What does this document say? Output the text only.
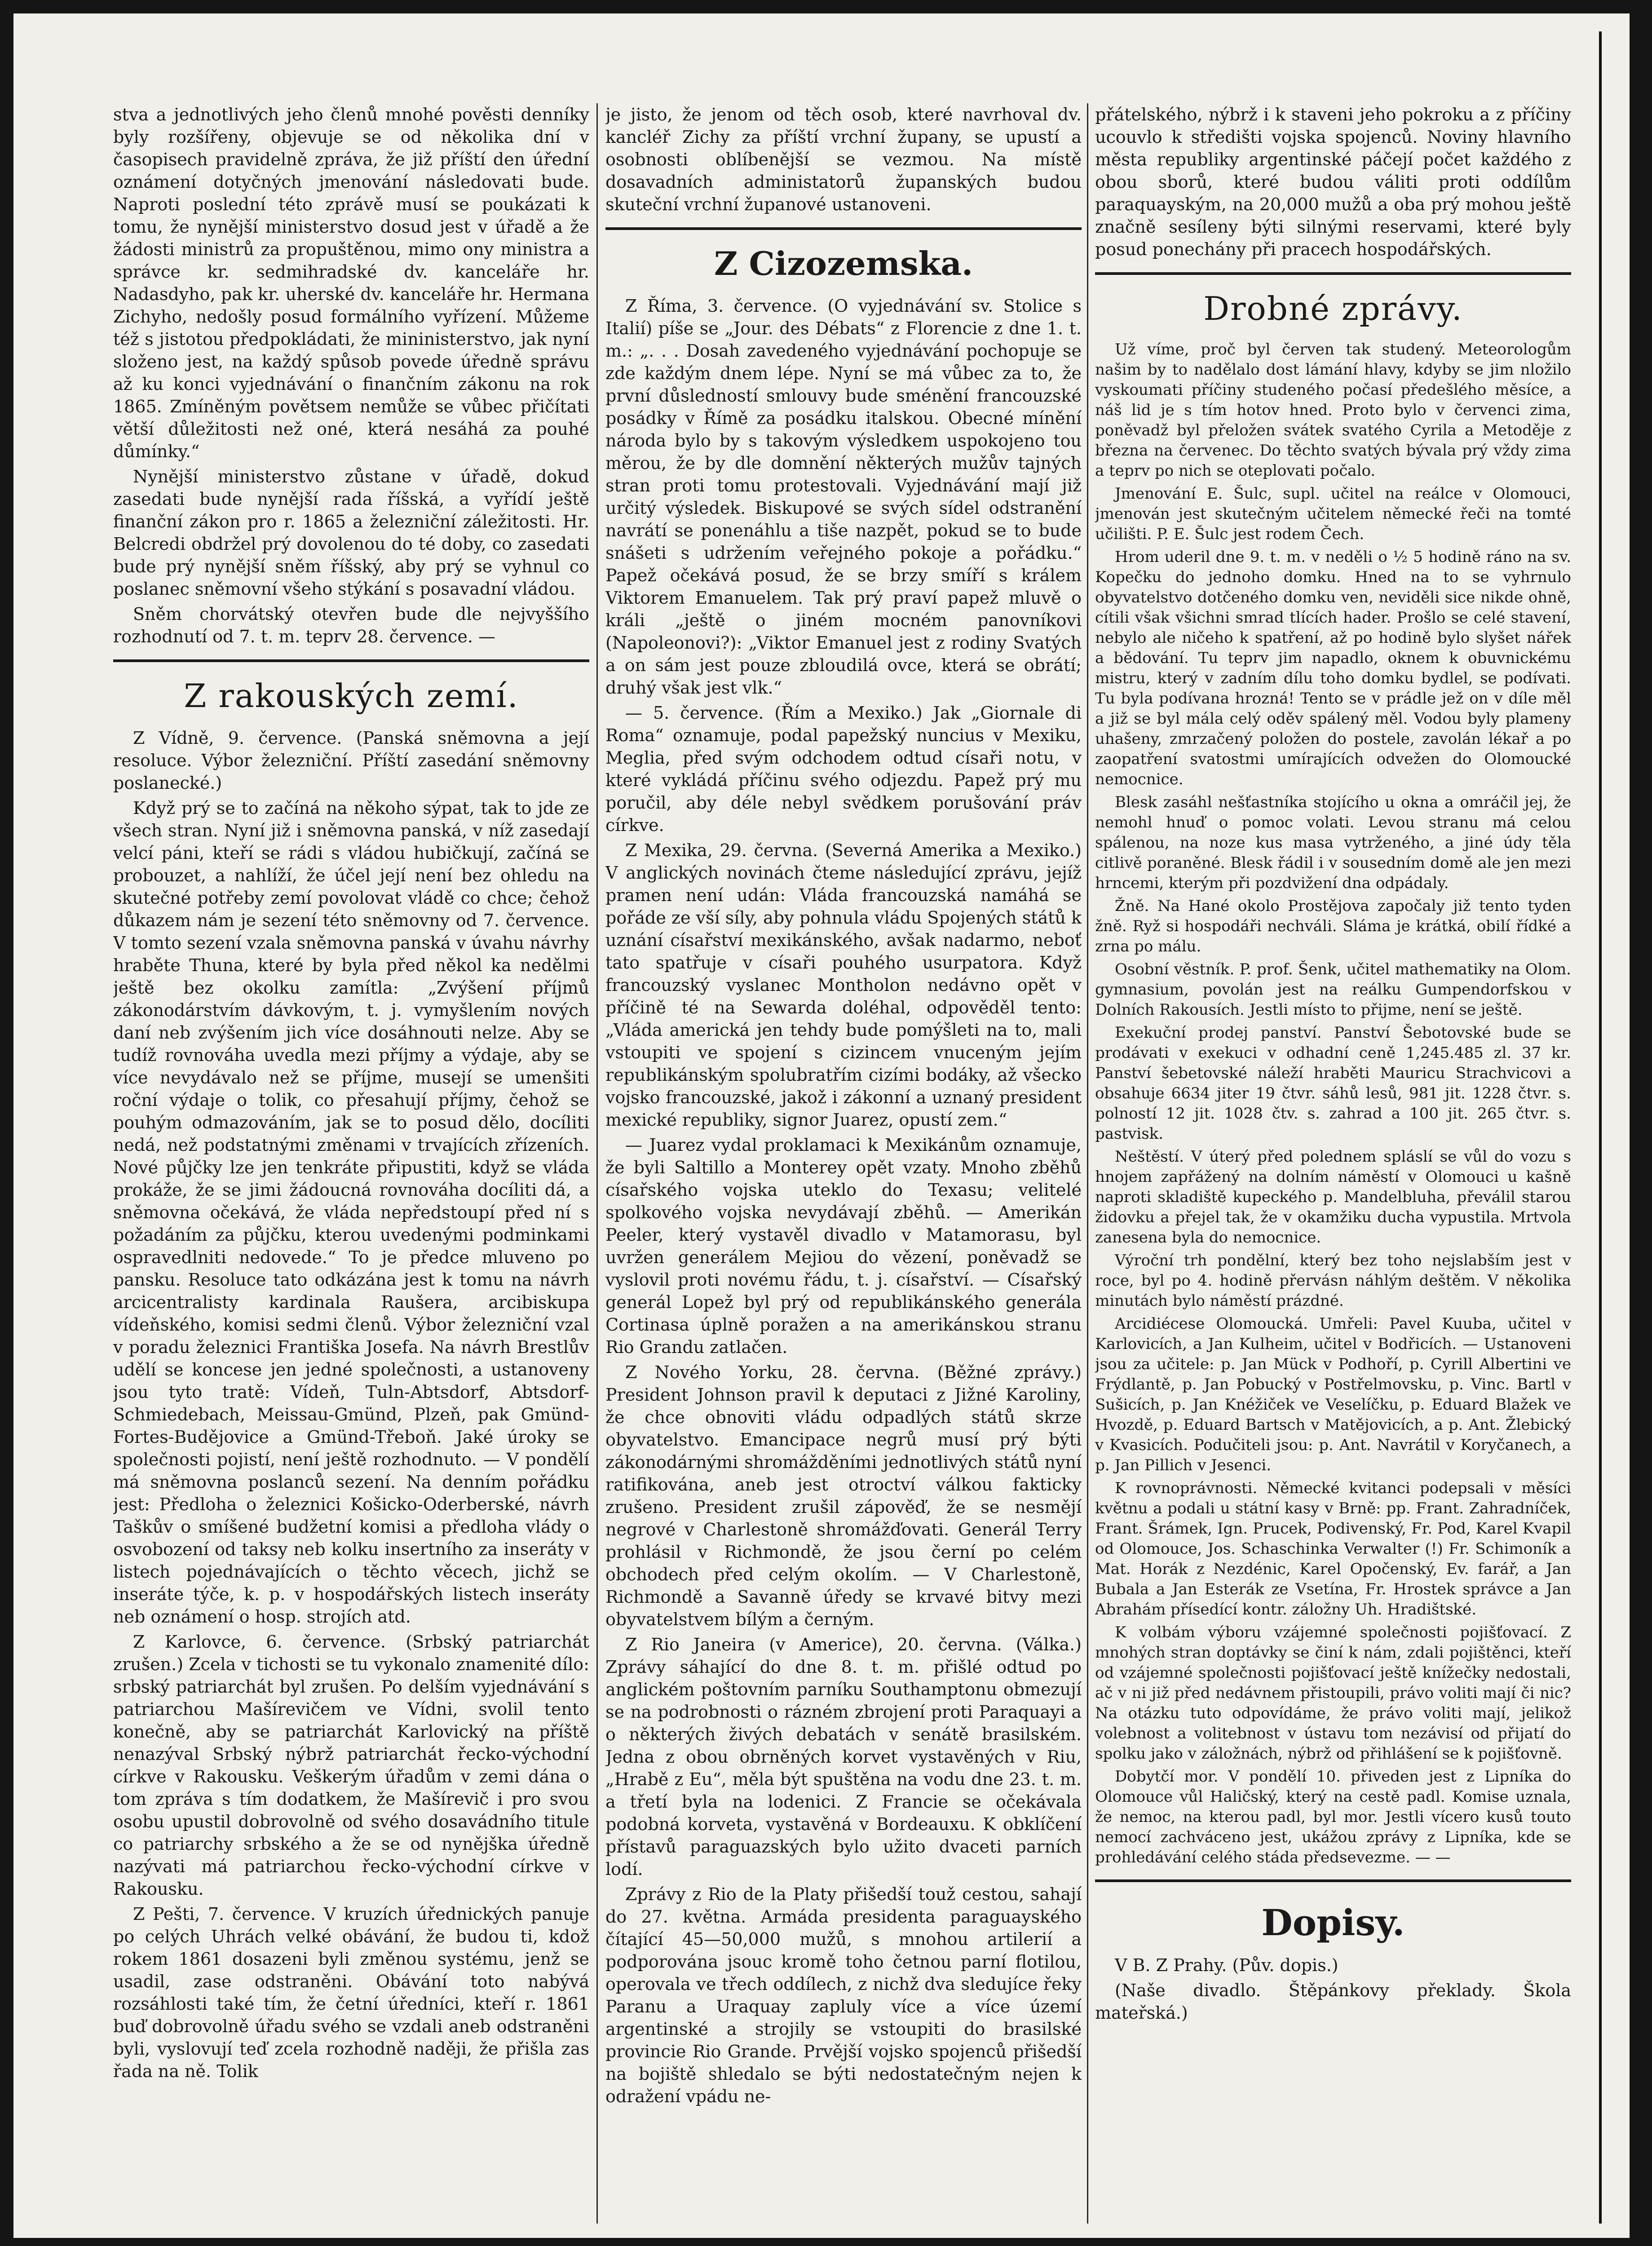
stva a jednotlivých jeho členů mnohé pověsti denníky byly rozšířeny, objevuje se od několika dní v časopisech pravidelně zpráva, že již příští den úřední oznámení dotyčných jmenování následovati bude. Naproti poslední této zprávě musí se poukázati k tomu, že nynější ministerstvo dosud jest v úřadě a že žádosti ministrů za propuštěnou, mimo ony ministra a správce kr. sedmihradské dv. kanceláře hr. Nadasdyho, pak kr. uherské dv. kanceláře hr. Hermana Zichyho, nedošly posud formálního vyřízení. Můžeme též s jistotou předpokládati, že mininisterstvo, jak nyní složeno jest, na každý spůsob povede úředně správu až ku konci vyjednávání o finančním zákonu na rok 1865. Zmíněným povětsem nemůže se vůbec přičítati větší důležitosti než oné, která nesáhá za pouhé důmínky.“

Nynější ministerstvo zůstane v úřadě, dokud zasedati bude nynější rada říšská, a vyřídí ještě finanční zákon pro r. 1865 a železniční záležitosti. Hr. Belcredi obdržel prý dovolenou do té doby, co zasedati bude prý nynější sněm říšský, aby prý se vyhnul co poslanec sněmovní všeho stýkání s posavadní vládou.

Sněm chorvátský otevřen bude dle nejvyššího rozhodnutí od 7. t. m. teprv 28. července. —

Z rakouských zemí.

Z Vídně, 9. července. (Panská sněmovna a její resoluce. Výbor železniční. Příští zasedání sněmovny poslanecké.)

Když prý se to začíná na někoho sýpat, tak to jde ze všech stran. Nyní již i sněmovna panská, v níž zasedají velcí páni, kteří se rádi s vládou hubičkují, začíná se probouzet, a nahlíží, že účel její není bez ohledu na skutečné potřeby zemí povolovat vládě co chce; čehož důkazem nám je sezení této sněmovny od 7. července. V tomto sezení vzala sněmovna panská v úvahu návrhy hraběte Thuna, které by byla před někol ka nedělmi ještě bez okolku zamítla: „Zvýšení příjmů zákonodárstvím dávkovým, t. j. vymyšlením nových daní neb zvýšením jich více dosáhnouti nelze. Aby se tudíž rovnováha uvedla mezi příjmy a výdaje, aby se více nevydávalo než se příjme, musejí se umenšiti roční výdaje o tolik, co přesahují příjmy, čehož se pouhým odmazováním, jak se to posud dělo, docíliti nedá, než podstatnými změnami v trvajících zřízeních. Nové půjčky lze jen tenkráte připustiti, když se vláda prokáže, že se jimi žádoucná rovnováha docíliti dá, a sněmovna očekává, že vláda nepředstoupí před ní s požadáním za půjčku, kterou uvedenými podminkami ospravedlniti nedovede.“ To je předce mluveno po pansku. Resoluce tato odkázána jest k tomu na návrh arcicentralisty kardinala Raušera, arcibiskupa vídeňského, komisi sedmi členů. Výbor železniční vzal v poradu železnici Františka Josefa. Na návrh Brestlův udělí se koncese jen jedné společnosti, a ustanoveny jsou tyto tratě: Vídeň, Tuln-Abtsdorf, Abtsdorf-Schmiedebach, Meissau-Gmünd, Plzeň, pak Gmünd-Fortes-Budějovice a Gmünd-Třeboň. Jaké úroky se společnosti pojistí, není ještě rozhodnuto. — V pondělí má sněmovna poslanců sezení. Na denním pořádku jest: Předloha o železnici Košicko-Oderberské, návrh Taškův o smíšené budžetní komisi a předloha vlády o osvobození od taksy neb kolku insertního za inseráty v listech pojednávajících o těchto věcech, jichž se inseráte týče, k. p. v hospodářských listech inseráty neb oznámení o hosp. strojích atd.

Z Karlovce, 6. července. (Srbský patriarchát zrušen.) Zcela v tichosti se tu vykonalo znamenité dílo: srbský patriarchát byl zrušen. Po delším vyjednávání s patriarchou Mašírevičem ve Vídni, svolil tento konečně, aby se patriarchát Karlovický na příště nenazýval Srbský nýbrž patriarchát řecko-východní církve v Rakousku. Veškerým úřadům v zemi dána o tom zpráva s tím dodatkem, že Mašírevič i pro svou osobu upustil dobrovolně od svého dosavádního titule co patriarchy srbského a že se od nynějška úředně nazývati má patriarchou řecko-východní církve v Rakousku.

Z Pešti, 7. července. V kruzích úřednických panuje po celých Uhrách velké obávání, že budou ti, kdož rokem 1861 dosazeni byli změnou systému, jenž se usadil, zase odstraněni. Obávání toto nabývá rozsáhlosti také tím, že četní úředníci, kteří r. 1861 buď dobrovolně úřadu svého se vzdali aneb odstraněni byli, vyslovují teď zcela rozhodně naději, že přišla zas řada na ně. Tolik

je jisto, že jenom od těch osob, které navrhoval dv. kancléř Zichy za příští vrchní župany, se upustí a osobnosti oblíbenější se vezmou. Na místě dosavadních administatorů županských budou skuteční vrchní županové ustanoveni.

Z Cizozemska.

Z Říma, 3. července. (O vyjednávání sv. Stolice s Italií) píše se „Jour. des Débats“ z Florencie z dne 1. t. m.: „. . . Dosah zavedeného vyjednávání pochopuje se zde každým dnem lépe. Nyní se má vůbec za to, že první důsledností smlouvy bude sménění francouzské posádky v Římě za posádku italskou. Obecné mínění národa bylo by s takovým výsledkem uspokojeno tou měrou, že by dle domnění některých mužův tajných stran proti tomu protestovali. Vyjednávání mají již určitý výsledek. Biskupové se svých sídel odstranění navrátí se ponenáhlu a tiše nazpět, pokud se to bude snášeti s udržením veřejného pokoje a pořádku.“ Papež očekává posud, že se brzy smíří s králem Viktorem Emanuelem. Tak prý praví papež mluvě o králi „ještě o jiném mocném panovníkovi (Napoleonovi?): „Viktor Emanuel jest z rodiny Svatých a on sám jest pouze zbloudilá ovce, která se obrátí; druhý však jest vlk.“

— 5. července. (Řím a Mexiko.) Jak „Giornale di Roma“ oznamuje, podal papežský nuncius v Mexiku, Meglia, před svým odchodem odtud císaři notu, v které vykládá příčinu svého odjezdu. Papež prý mu poručil, aby déle nebyl svědkem porušování práv církve.

Z Mexika, 29. června. (Severná Amerika a Mexiko.) V anglických novinách čteme následující zprávu, jejíž pramen není udán: Vláda francouzská namáhá se pořáde ze vší síly, aby pohnula vládu Spojených států k uznání císařství mexikánského, avšak nadarmo, neboť tato spatřuje v císaři pouhého usurpatora. Když francouzský vyslanec Montholon nedávno opět v příčině té na Sewarda doléhal, odpověděl tento: „Vláda americká jen tehdy bude pomýšleti na to, mali vstoupiti ve spojení s cizincem vnuceným jejím republikánským spolubratřím cizími bodáky, až všecko vojsko francouzské, jakož i zákonní a uznaný president mexické republiky, signor Juarez, opustí zem.“

— Juarez vydal proklamaci k Mexikánům oznamuje, že byli Saltillo a Monterey opět vzaty. Mnoho zběhů císařského vojska uteklo do Texasu; velitelé spolkového vojska nevydávají zběhů. — Amerikán Peeler, který vystavěl divadlo v Matamorasu, byl uvržen generálem Mejiou do vězení, poněvadž se vyslovil proti novému řádu, t. j. císařství. — Císařský generál Lopež byl prý od republikánského generála Cortinasa úplně poražen a na amerikánskou stranu Rio Grandu zatlačen.

Z Nového Yorku, 28. června. (Běžné zprávy.) President Johnson pravil k deputaci z Jižné Karoliny, že chce obnoviti vládu odpadlých států skrze obyvatelstvo. Emancipace negrů musí prý býti zákonodárnými shromážděními jednotlivých států nyní ratifikována, aneb jest otroctví válkou fakticky zrušeno. President zrušil zápověď, že se nesmějí negrové v Charlestoně shromážďovati. Generál Terry prohlásil v Richmondě, že jsou černí po celém obchodech před celým okolím. — V Charlestoně, Richmondě a Savanně úředy se krvavé bitvy mezi obyvatelstvem bílým a černým.

Z Rio Janeira (v Americe), 20. června. (Válka.) Zprávy sáhající do dne 8. t. m. přišlé odtud po anglickém poštovním parníku Southamptonu obmezují se na podrobnosti o rázném zbrojení proti Paraquayi a o některých živých debatách v senátě brasilském. Jedna z obou obrněných korvet vystavěných v Riu, „Hrabě z Eu“, měla být spuštěna na vodu dne 23. t. m. a třetí byla na lodenici. Z Francie se očekávala podobná korveta, vystavěná v Bordeauxu. K obklíčení přístavů paraguazských bylo užito dvaceti parních lodí.

Zprávy z Rio de la Platy přišedší touž cestou, sahají do 27. května. Armáda presidenta paraguayského čítající 45—50,000 mužů, s mnohou artilerií a podporována jsouc kromě toho četnou parní flotilou, operovala ve třech oddílech, z nichž dva sledujíce řeky Paranu a Uraquay zapluly více a více území argentinské a strojily se vstoupiti do brasilské provincie Rio Grande. Prvější vojsko spojenců přišedší na bojiště shledalo se býti nedostatečným nejen k odražení vpádu ne-

přátelského, nýbrž i k staveni jeho pokroku a z příčiny ucouvlo k středišti vojska spojenců. Noviny hlavního města republiky argentinské páčejí počet každého z obou sborů, které budou váliti proti oddílům paraquayským, na 20,000 mužů a oba prý mohou ještě značně sesíleny býti silnými reservami, které byly posud ponechány při pracech hospodářských.

Drobné zprávy.

Už víme, proč byl červen tak studený. Meteorologům našim by to nadělalo dost lámání hlavy, kdyby se jim nložilo vyskoumati příčiny studeného počasí předešlého měsíce, a náš lid je s tím hotov hned. Proto bylo v červenci zima, poněvadž byl přeložen svátek svatého Cyrila a Metoděje z března na červenec. Do těchto svatých bývala prý vždy zima a teprv po nich se oteplovati počalo.

Jmenování E. Šulc, supl. učitel na reálce v Olomouci, jmenován jest skutečným učitelem německé řeči na tomté učilišti. P. E. Šulc jest rodem Čech.

Hrom uderil dne 9. t. m. v neděli o ½ 5 hodině ráno na sv. Kopečku do jednoho domku. Hned na to se vyhrnulo obyvatelstvo dotčeného domku ven, neviděli sice nikde ohně, cítili však všichni smrad tlících hader. Prošlo se celé stavení, nebylo ale ničeho k spatření, až po hodině bylo slyšet nářek a bědování. Tu teprv jim napadlo, oknem k obuvnickému mistru, který v zadním dílu toho domku bydlel, se podívati. Tu byla podívana hrozná! Tento se v prádle jež on v díle měl a již se byl mála celý oděv spálený měl. Vodou byly plameny uhašeny, zmrzačený položen do postele, zavolán lékař a po zaopatření svatostmi umírajících odvežen do Olomoucké nemocnice.

Blesk zasáhl nešťastníka stojícího u okna a omráčil jej, že nemohl hnuď o pomoc volati. Levou stranu má celou spálenou, na noze kus masa vytrženého, a jiné údy těla citlivě poraněné. Blesk řádil i v sousedním domě ale jen mezi hrncemi, kterým při pozdvižení dna odpádaly.

Žně. Na Hané okolo Prostějova započaly již tento tyden žně. Ryž si hospodáři nechváli. Sláma je krátká, obilí řídké a zrna po málu.

Osobní věstník. P. prof. Šenk, učitel mathematiky na Olom. gymnasium, povolán jest na reálku Gumpendorfskou v Dolních Rakousích. Jestli místo to přijme, není se ještě.

Exekuční prodej panství. Panství Šebotovské bude se prodávati v exekuci v odhadní ceně 1,245.485 zl. 37 kr. Panství šebetovské náleží hraběti Mauricu Strachvicovi a obsahuje 6634 jiter 19 čtvr. sáhů lesů, 981 jit. 1228 čtvr. s. polností 12 jit. 1028 čtv. s. zahrad a 100 jit. 265 čtvr. s. pastvisk.

Neštěstí. V úterý před polednem spláslí se vůl do vozu s hnojem zapřážený na dolním náměstí v Olomouci u kašně naproti skladiště kupeckého p. Mandelbluha, převálil starou židovku a přejel tak, že v okamžiku ducha vypustila. Mrtvola zanesena byla do nemocnice.

Výroční trh pondělní, který bez toho nejslabším jest v roce, byl po 4. hodině přervásn náhlým deštěm. V několika minutách bylo náměstí prázdné.

Arcidiécese Olomoucká. Umřeli: Pavel Kuuba, učitel v Karlovicích, a Jan Kulheim, učitel v Bodřicích. — Ustanoveni jsou za učitele: p. Jan Mück v Podhoří, p. Cyrill Albertini ve Frýdlantě, p. Jan Pobucký v Postřelmovsku, p. Vinc. Bartl v Sušicích, p. Jan Knéžiček ve Veselíčku, p. Eduard Blažek ve Hvozdě, p. Eduard Bartsch v Matějovicích, a p. Ant. Žlebický v Kvasicích. Podučiteli jsou: p. Ant. Navrátil v Koryčanech, a p. Jan Pillich v Jesenci.

K rovnoprávnosti. Německé kvitanci podepsali v měsíci květnu a podali u státní kasy v Brně: pp. Frant. Zahradníček, Frant. Šrámek, Ign. Prucek, Podivenský, Fr. Pod, Karel Kvapil od Olomouce, Jos. Schaschinka Verwalter (!) Fr. Schimoník a Mat. Horák z Nezdénic, Karel Opočenský, Ev. farář, a Jan Bubala a Jan Esterák ze Vsetína, Fr. Hrostek správce a Jan Abrahám přísedící kontr. záložny Uh. Hradištské.

K volbám výboru vzájemné společnosti pojišťovací. Z mnohých stran doptávky se činí k nám, zdali pojištěnci, kteří od vzájemné společnosti pojišťovací ještě knížečky nedostali, ač v ni již před nedávnem přistoupili, právo voliti mají či nic? Na otázku tuto odpovídáme, že právo voliti mají, jelikož volebnost a volitebnost v ústavu tom nezávisí od přijatí do spolku jako v záložnách, nýbrž od přihlášení se k pojišťovně.

Dobytčí mor. V pondělí 10. přiveden jest z Lipníka do Olomouce vůl Haličský, který na cestě padl. Komise uznala, že nemoc, na kterou padl, byl mor. Jestli vícero kusů touto nemocí zachváceno jest, ukážou zprávy z Lipníka, kde se prohledávání celého stáda předsevezme. — —

Dopisy.

V B. Z Prahy. (Pův. dopis.)

(Naše divadlo. Štěpánkovy překlady. Škola mateřská.)
